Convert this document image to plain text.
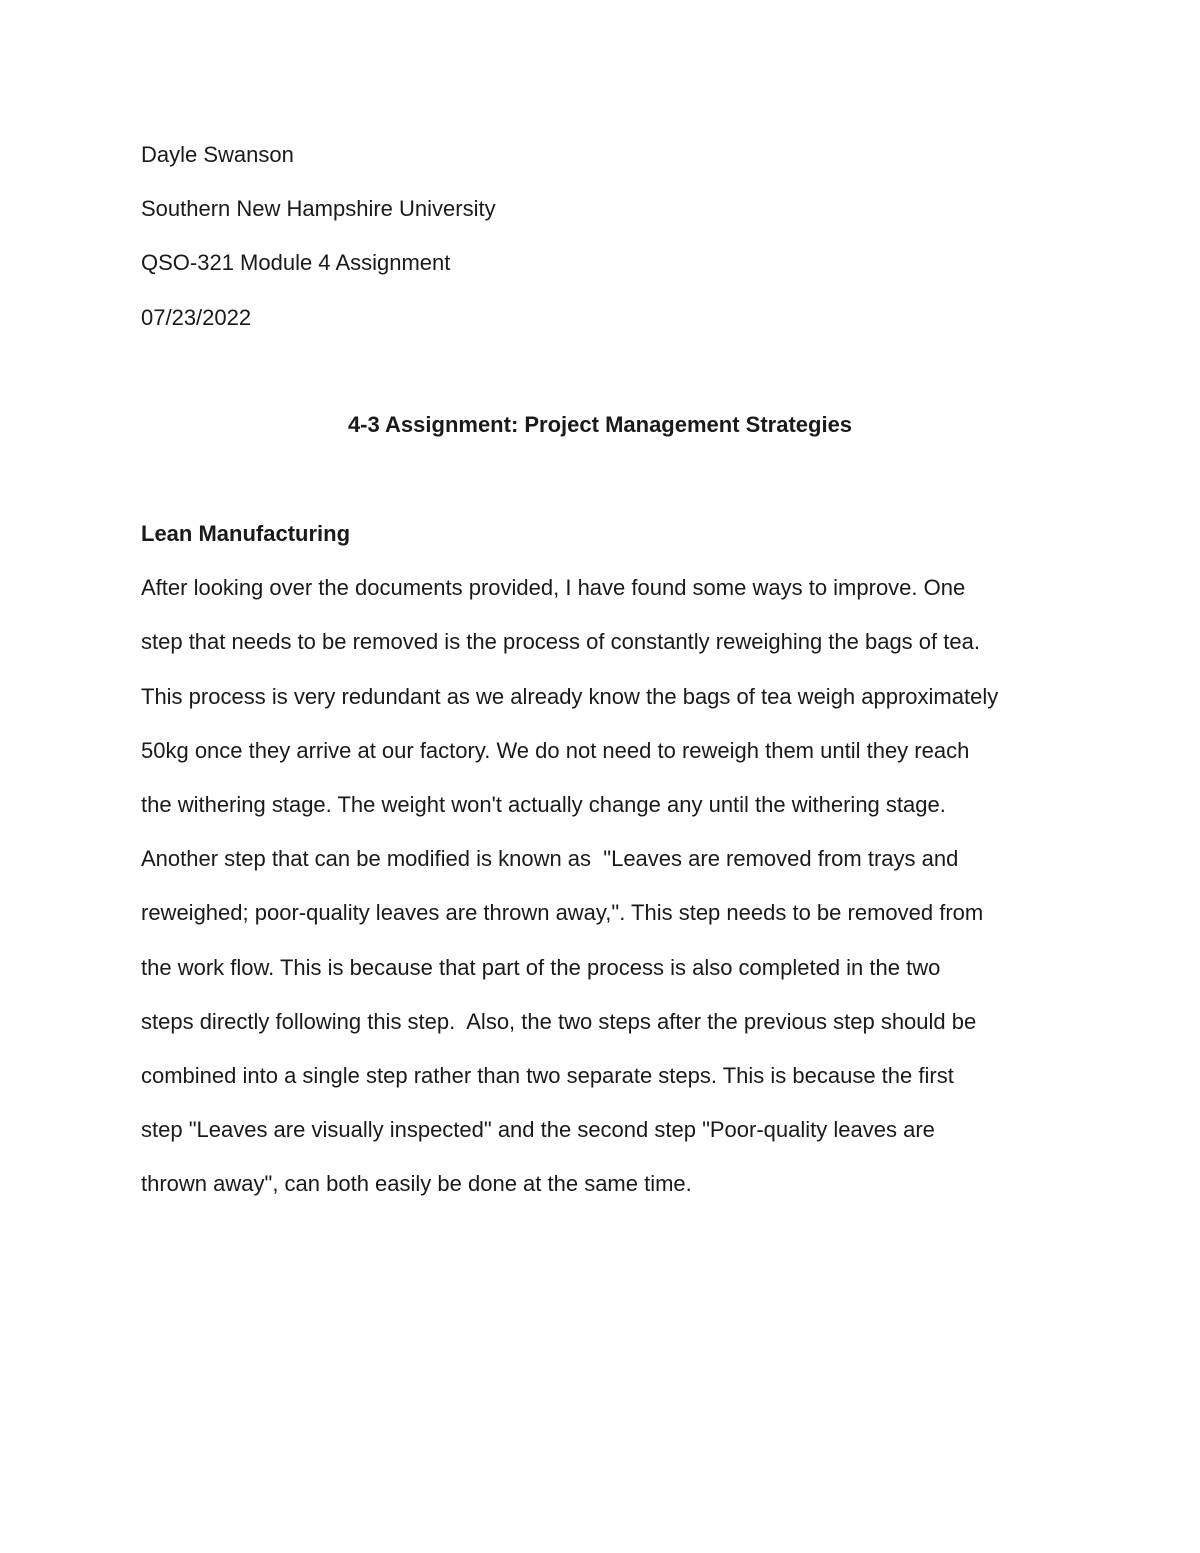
Dayle Swanson

Southern New Hampshire University

QSO-321 Module 4 Assignment

07/23/2022

4-3 Assignment: Project Management Strategies
Lean Manufacturing

After looking over the documents provided, I have found some ways to improve. One

step that needs to be removed is the process of constantly reweighing the bags of tea.

This process is very redundant as we already know the bags of tea weigh approximately

50kg once they arrive at our factory. We do not need to reweigh them until they reach

the withering stage. The weight won't actually change any until the withering stage.

Another step that can be modified is known as  "Leaves are removed from trays and

reweighed; poor-quality leaves are thrown away,". This step needs to be removed from

the work flow. This is because that part of the process is also completed in the two

steps directly following this step.  Also, the two steps after the previous step should be

combined into a single step rather than two separate steps. This is because the first

step "Leaves are visually inspected" and the second step "Poor-quality leaves are

thrown away", can both easily be done at the same time.
